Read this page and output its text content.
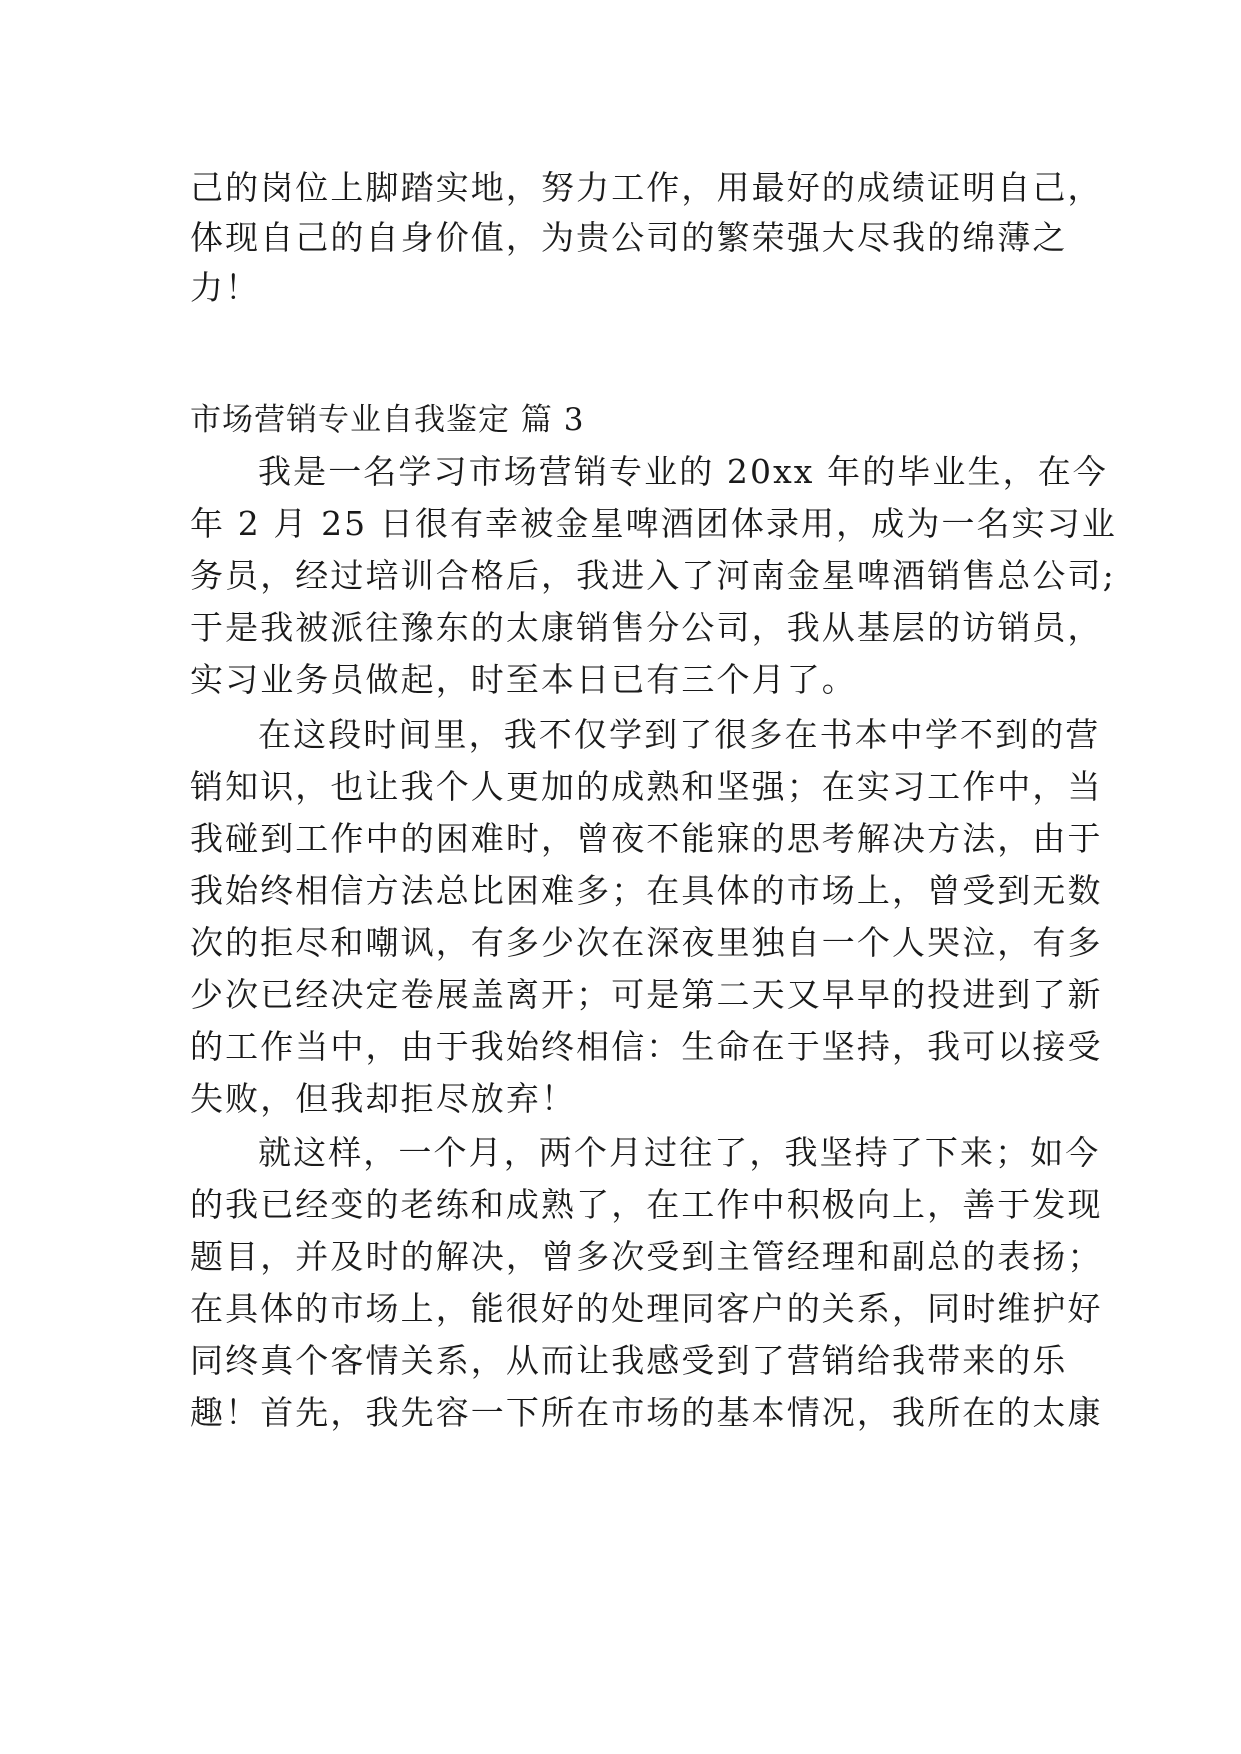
己的岗位上脚踏实地，努力工作，用最好的成绩证明自己，
体现自己的自身价值，为贵公司的繁荣强大尽我的绵薄之
力！
市场营销专业自我鉴定 篇 3
我是一名学习市场营销专业的 20xx 年的毕业生，在今
年 2 月 25 日很有幸被金星啤酒团体录用，成为一名实习业
务员，经过培训合格后，我进入了河南金星啤酒销售总公司;
于是我被派往豫东的太康销售分公司，我从基层的访销员，
实习业务员做起，时至本日已有三个月了。
在这段时间里，我不仅学到了很多在书本中学不到的营
销知识，也让我个人更加的成熟和坚强；在实习工作中，当
我碰到工作中的困难时，曾夜不能寐的思考解决方法，由于
我始终相信方法总比困难多；在具体的市场上，曾受到无数
次的拒尽和嘲讽，有多少次在深夜里独自一个人哭泣，有多
少次已经决定卷展盖离开；可是第二天又早早的投进到了新
的工作当中，由于我始终相信：生命在于坚持，我可以接受
失败，但我却拒尽放弃！
就这样，一个月，两个月过往了，我坚持了下来；如今
的我已经变的老练和成熟了，在工作中积极向上，善于发现
题目，并及时的解决，曾多次受到主管经理和副总的表扬；
在具体的市场上，能很好的处理同客户的关系，同时维护好
同终真个客情关系，从而让我感受到了营销给我带来的乐
趣！首先，我先容一下所在市场的基本情况，我所在的太康
